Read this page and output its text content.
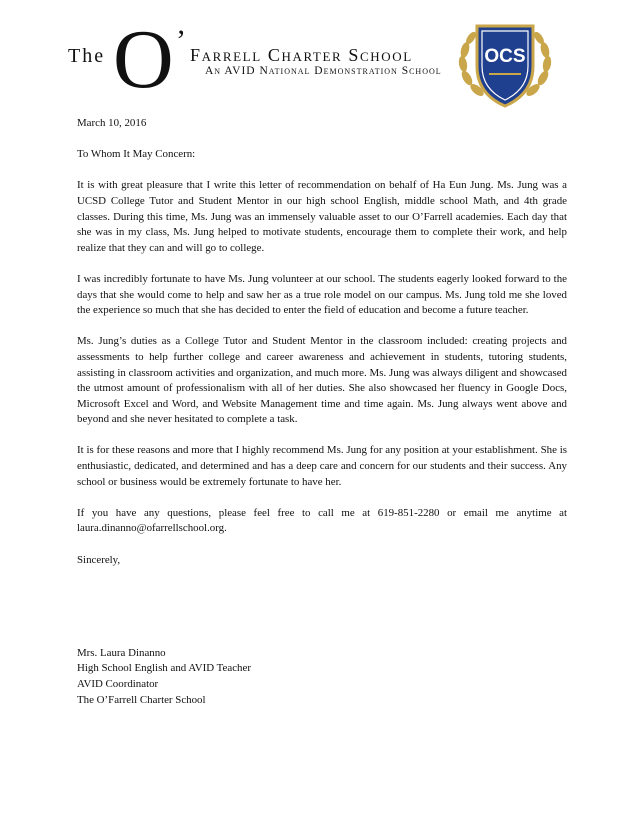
The O ’ Farrell Charter School
An AVID National Demonstration School
OCS

March 10, 2016

To Whom It May Concern:

It is with great pleasure that I write this letter of recommendation on behalf of Ha Eun Jung. Ms. Jung was a UCSD College Tutor and Student Mentor in our high school English, middle school Math, and 4th grade classes. During this time, Ms. Jung was an immensely valuable asset to our O’Farrell academies. Each day that she was in my class, Ms. Jung helped to motivate students, encourage them to complete their work, and help realize that they can and will go to college.

I was incredibly fortunate to have Ms. Jung volunteer at our school. The students eagerly looked forward to the days that she would come to help and saw her as a true role model on our campus. Ms. Jung told me she loved the experience so much that she has decided to enter the field of education and become a future teacher.

Ms. Jung’s duties as a College Tutor and Student Mentor in the classroom included: creating projects and assessments to help further college and career awareness and achievement in students, tutoring students, assisting in classroom activities and organization, and much more. Ms. Jung was always diligent and showcased the utmost amount of professionalism with all of her duties. She also showcased her fluency in Google Docs, Microsoft Excel and Word, and Website Management time and time again. Ms. Jung always went above and beyond and she never hesitated to complete a task.

It is for these reasons and more that I highly recommend Ms. Jung for any position at your establishment. She is enthusiastic, dedicated, and determined and has a deep care and concern for our students and their success. Any school or business would be extremely fortunate to have her.

If you have any questions, please feel free to call me at 619-851-2280 or email me anytime at laura.dinanno@ofarrellschool.org.

Sincerely,

Mrs. Laura Dinanno
High School English and AVID Teacher
AVID Coordinator
The O’Farrell Charter School
